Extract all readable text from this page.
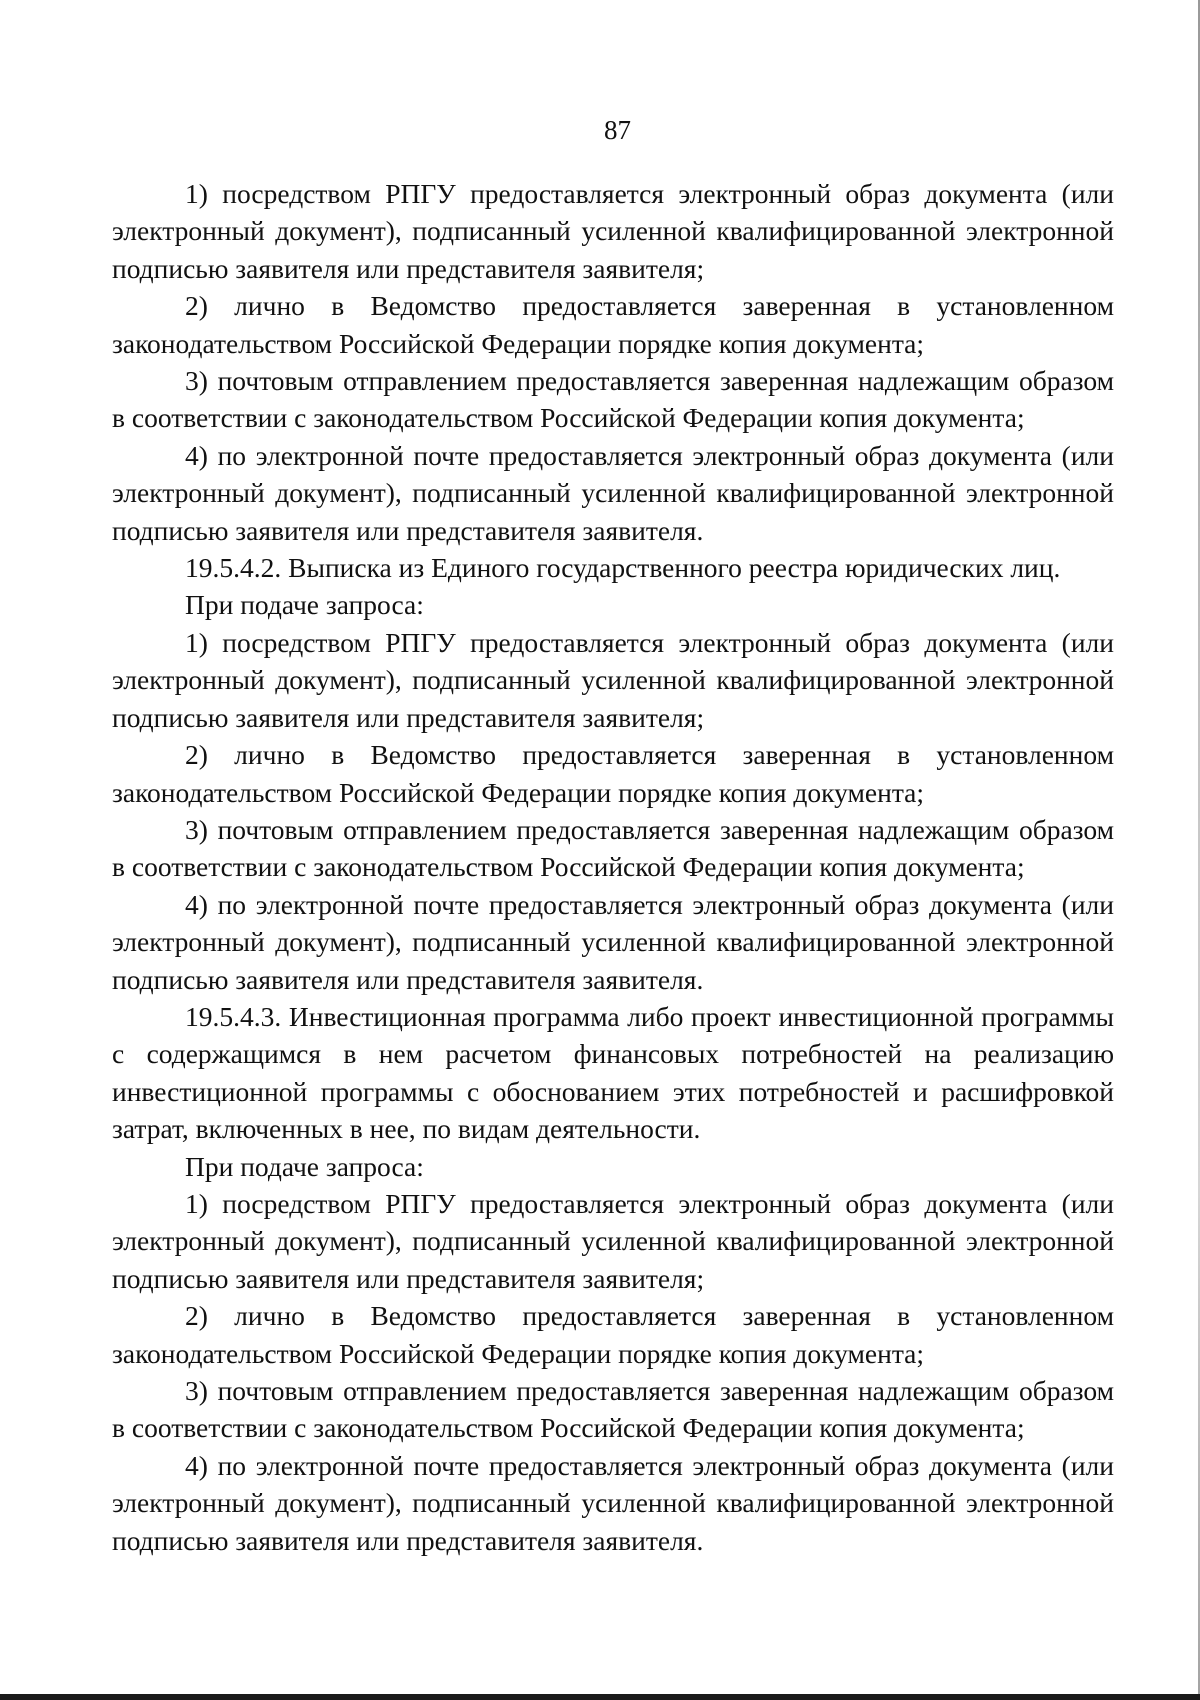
87

1) посредством РПГУ предоставляется электронный образ документа (или электронный документ), подписанный усиленной квалифицированной электронной подписью заявителя или представителя заявителя;

2) лично в Ведомство предоставляется заверенная в установленном законодательством Российской Федерации порядке копия документа;

3) почтовым отправлением предоставляется заверенная надлежащим образом в соответствии с законодательством Российской Федерации копия документа;

4) по электронной почте предоставляется электронный образ документа (или электронный документ), подписанный усиленной квалифицированной электронной подписью заявителя или представителя заявителя.

19.5.4.2. Выписка из Единого государственного реестра юридических лиц.

При подаче запроса:

1) посредством РПГУ предоставляется электронный образ документа (или электронный документ), подписанный усиленной квалифицированной электронной подписью заявителя или представителя заявителя;

2) лично в Ведомство предоставляется заверенная в установленном законодательством Российской Федерации порядке копия документа;

3) почтовым отправлением предоставляется заверенная надлежащим образом в соответствии с законодательством Российской Федерации копия документа;

4) по электронной почте предоставляется электронный образ документа (или электронный документ), подписанный усиленной квалифицированной электронной подписью заявителя или представителя заявителя.

19.5.4.3. Инвестиционная программа либо проект инвестиционной программы с содержащимся в нем расчетом финансовых потребностей на реализацию инвестиционной программы с обоснованием этих потребностей и расшифровкой затрат, включенных в нее, по видам деятельности.

При подаче запроса:

1) посредством РПГУ предоставляется электронный образ документа (или электронный документ), подписанный усиленной квалифицированной электронной подписью заявителя или представителя заявителя;

2) лично в Ведомство предоставляется заверенная в установленном законодательством Российской Федерации порядке копия документа;

3) почтовым отправлением предоставляется заверенная надлежащим образом в соответствии с законодательством Российской Федерации копия документа;

4) по электронной почте предоставляется электронный образ документа (или электронный документ), подписанный усиленной квалифицированной электронной подписью заявителя или представителя заявителя.
